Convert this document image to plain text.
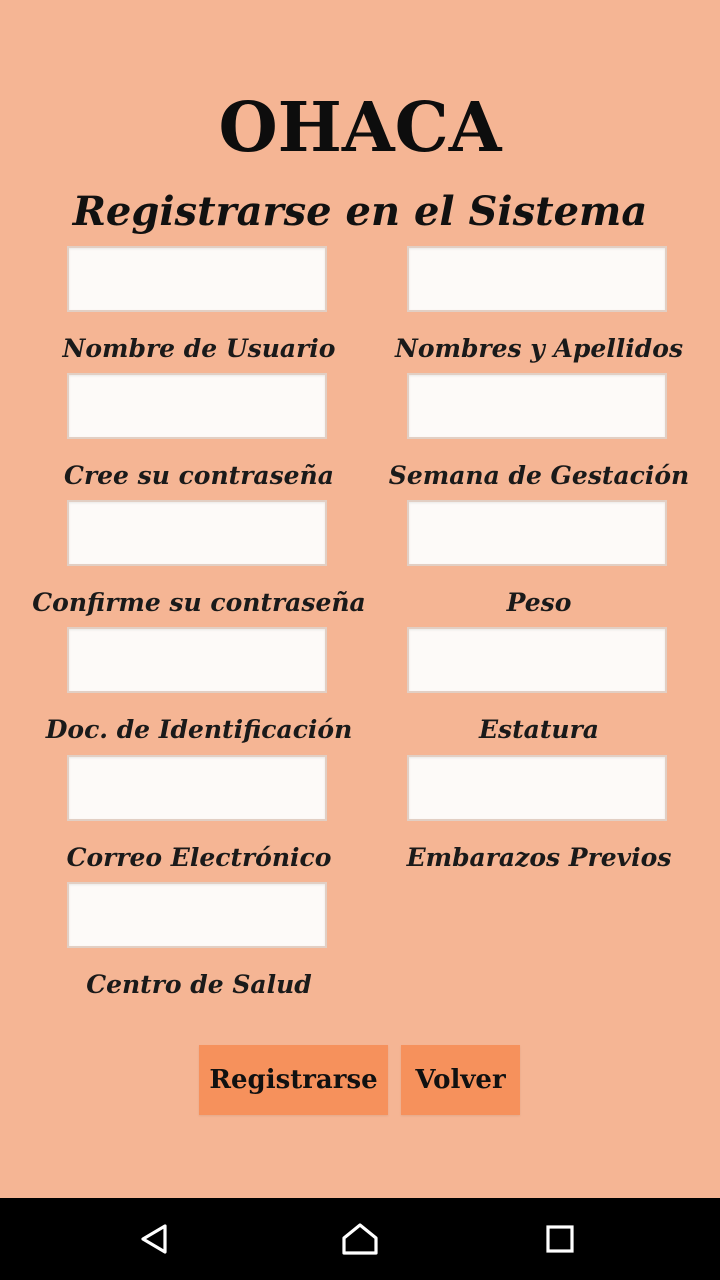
OHACA
Registrarse en el Sistema
Nombre de Usuario	Nombres y Apellidos
Cree su contraseña	Semana de Gestación
Confirme su contraseña	Peso
Doc. de Identificación	Estatura
Correo Electrónico	Embarazos Previos
Centro de Salud
Registrarse	Volver
